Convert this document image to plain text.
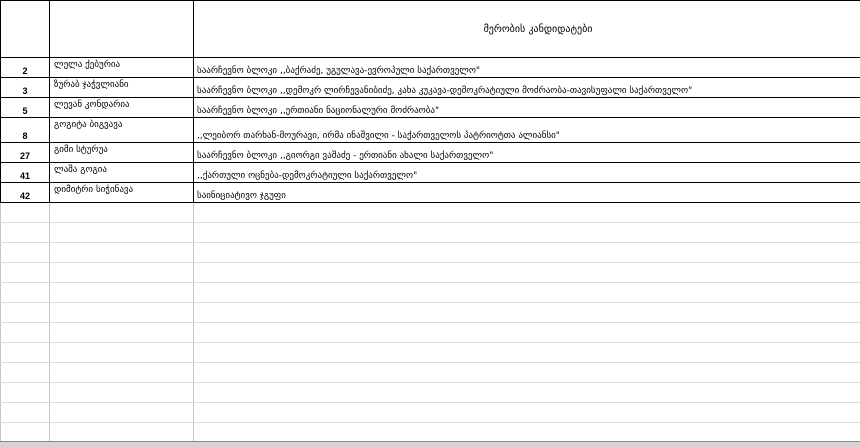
		მერობის კანდიდატები
2	ლელა ქებურია	საარჩევნო ბლოკი ,,ბაქრაძე, უგულავა-ევროპული საქართველო"
3	ზურაბ ჯაჭვლიანი	საარჩევნო ბლოკი ,,დემოკრ ლირჩევანიბიძე, კახა კუკავა-დემოკრატიული მოძრაობა-თავისუფალი საქართველო"
5	ლევან კონდარია	საარჩევნო ბლოკი ,,ერთიანი ნაციონალური მოძრაობა"
8	გოგიტა ბიგვავა	,,ლეიბორ თარხან-მოურავი, ირმა ინაშვილი - საქართველოს პატრიოტთა ალიანსი"
27	გიმი სტურუა	საარჩევნო ბლოკი ,,გიორგი ვაშაძე - ერთიანი ახალი საქართველო"
41	ლაშა გოგია	,,ქართული ოცნება-დემოკრატიული საქართველო"
42	დიმიტრი სიჭინავა	საინიციატივო ჯგუფი
